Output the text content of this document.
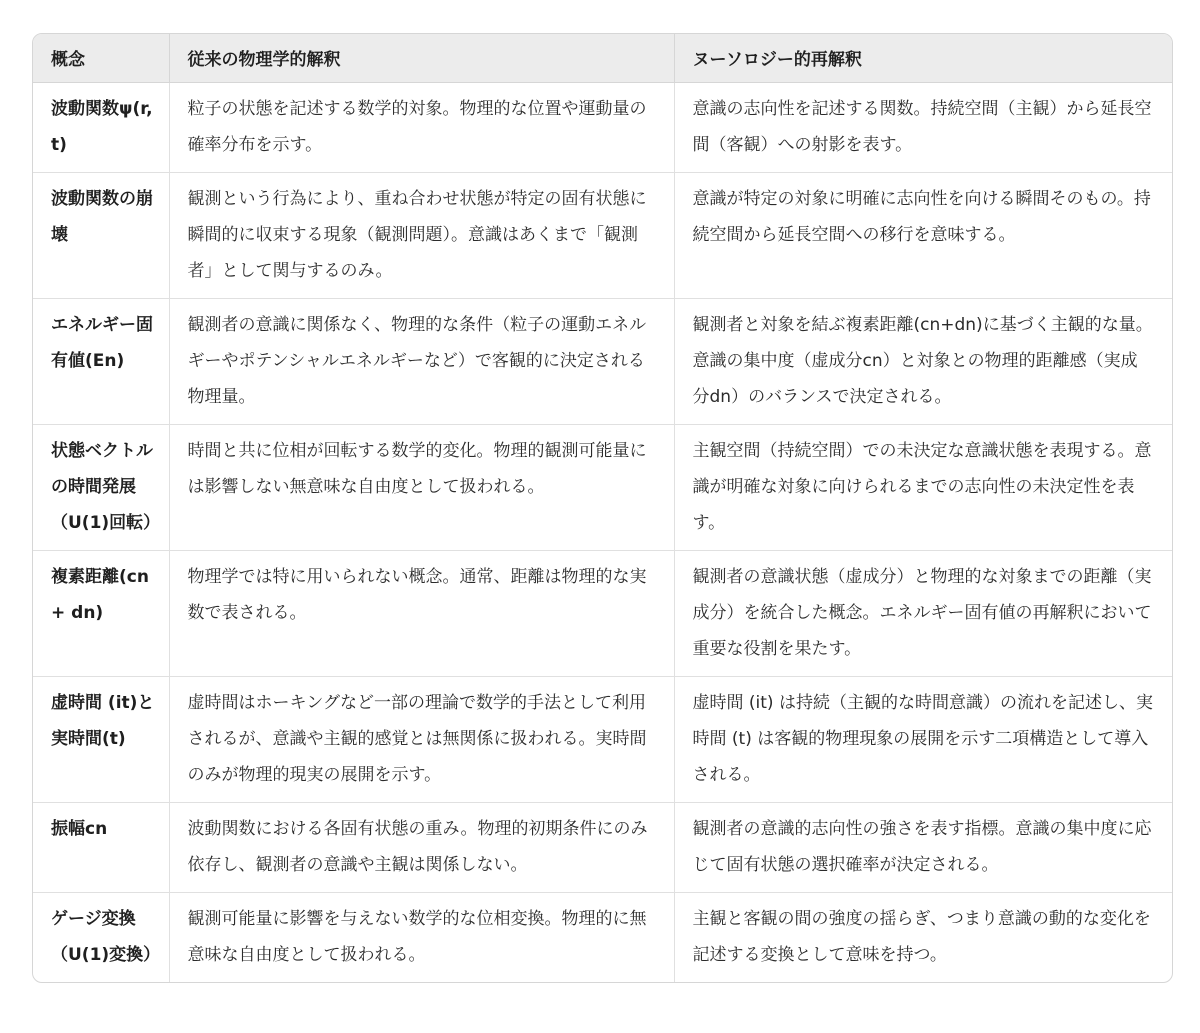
概念	従来の物理学的解釈	ヌーソロジー的再解釈
波動関数ψ(r,t)	粒子の状態を記述する数学的対象。物理的な位置や運動量の確率分布を示す。	意識の志向性を記述する関数。持続空間（主観）から延長空間（客観）への射影を表す。
波動関数の崩壊	観測という行為により、重ね合わせ状態が特定の固有状態に瞬間的に収束する現象（観測問題）。意識はあくまで「観測者」として関与するのみ。	意識が特定の対象に明確に志向性を向ける瞬間そのもの。持続空間から延長空間への移行を意味する。
エネルギー固有値(En)	観測者の意識に関係なく、物理的な条件（粒子の運動エネルギーやポテンシャルエネルギーなど）で客観的に決定される物理量。	観測者と対象を結ぶ複素距離(cn+dn)に基づく主観的な量。意識の集中度（虚成分cn）と対象との物理的距離感（実成分dn）のバランスで決定される。
状態ベクトルの時間発展（U(1)回転）	時間と共に位相が回転する数学的変化。物理的観測可能量には影響しない無意味な自由度として扱われる。	主観空間（持続空間）での未決定な意識状態を表現する。意識が明確な対象に向けられるまでの志向性の未決定性を表す。
複素距離(cn + dn)	物理学では特に用いられない概念。通常、距離は物理的な実数で表される。	観測者の意識状態（虚成分）と物理的な対象までの距離（実成分）を統合した概念。エネルギー固有値の再解釈において重要な役割を果たす。
虚時間 (it)と実時間(t)	虚時間はホーキングなど一部の理論で数学的手法として利用されるが、意識や主観的感覚とは無関係に扱われる。実時間のみが物理的現実の展開を示す。	虚時間 (it) は持続（主観的な時間意識）の流れを記述し、実時間 (t) は客観的物理現象の展開を示す二項構造として導入される。
振幅cn	波動関数における各固有状態の重み。物理的初期条件にのみ依存し、観測者の意識や主観は関係しない。	観測者の意識的志向性の強さを表す指標。意識の集中度に応じて固有状態の選択確率が決定される。
ゲージ変換（U(1)変換）	観測可能量に影響を与えない数学的な位相変換。物理的に無意味な自由度として扱われる。	主観と客観の間の強度の揺らぎ、つまり意識の動的な変化を記述する変換として意味を持つ。
